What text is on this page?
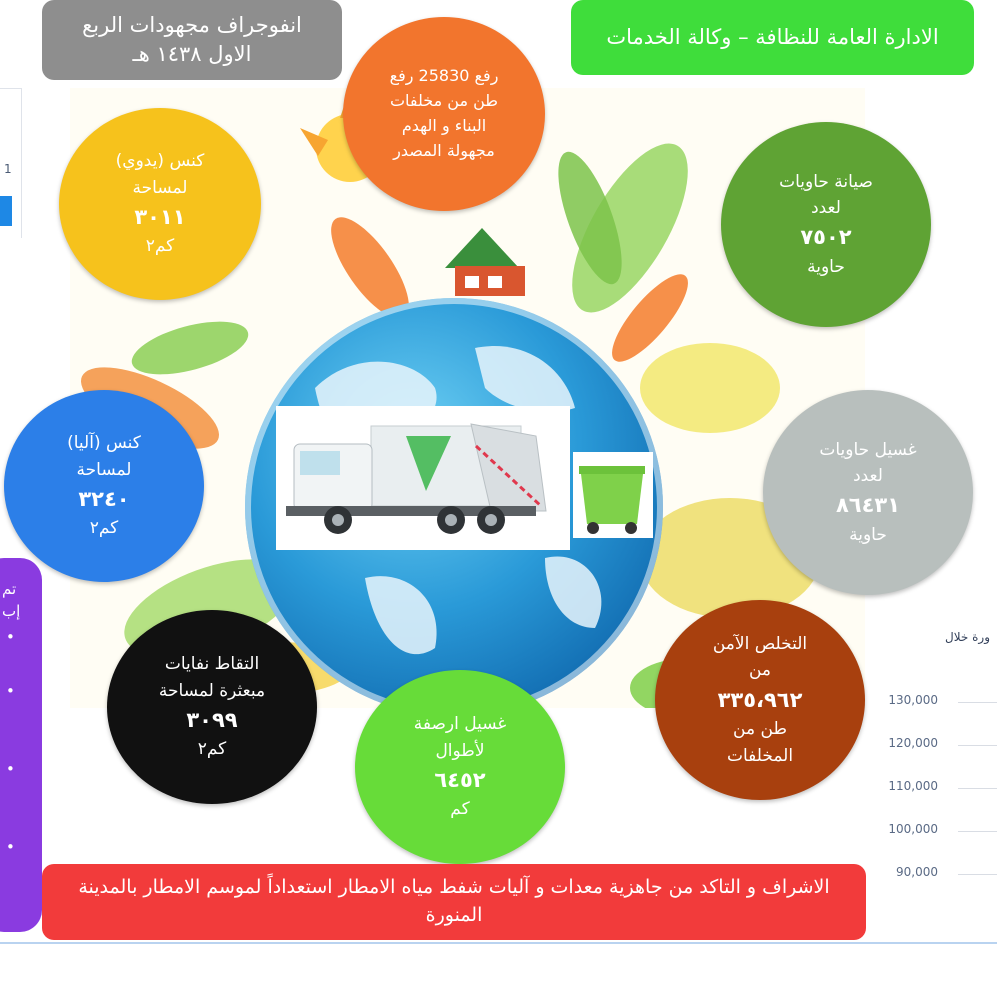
1
تم
إب
•
•
•
•
ورة خلال
130,000
120,000
110,000
100,000
90,000
انفوجراف مجهودات الربع
الاول ١٤٣٨ هـ
الادارة العامة للنظافة – وكالة الخدمات
رفع 25830 رفع
طن من مخلفات
البناء و الهدم
مجهولة المصدر
كنس (يدوي)
لمساحة
٣٠١١
كم٢
صيانة حاويات
لعدد
٧٥٠٢
حاوية
كنس (آليا)
لمساحة
٣٢٤٠
كم٢
غسيل حاويات
لعدد
٨٦٤٣١
حاوية
التقاط نفايات
مبعثرة لمساحة
٣٠٩٩
كم٢
غسيل ارصفة
لأطوال
٦٤٥٢
كم
التخلص الآمن
من
٣٣٥،٩٦٢
طن من
المخلفات
الاشراف و التاكد من جاهزية معدات و آليات شفط مياه الامطار استعداداً لموسم الامطار بالمدينة
المنورة
